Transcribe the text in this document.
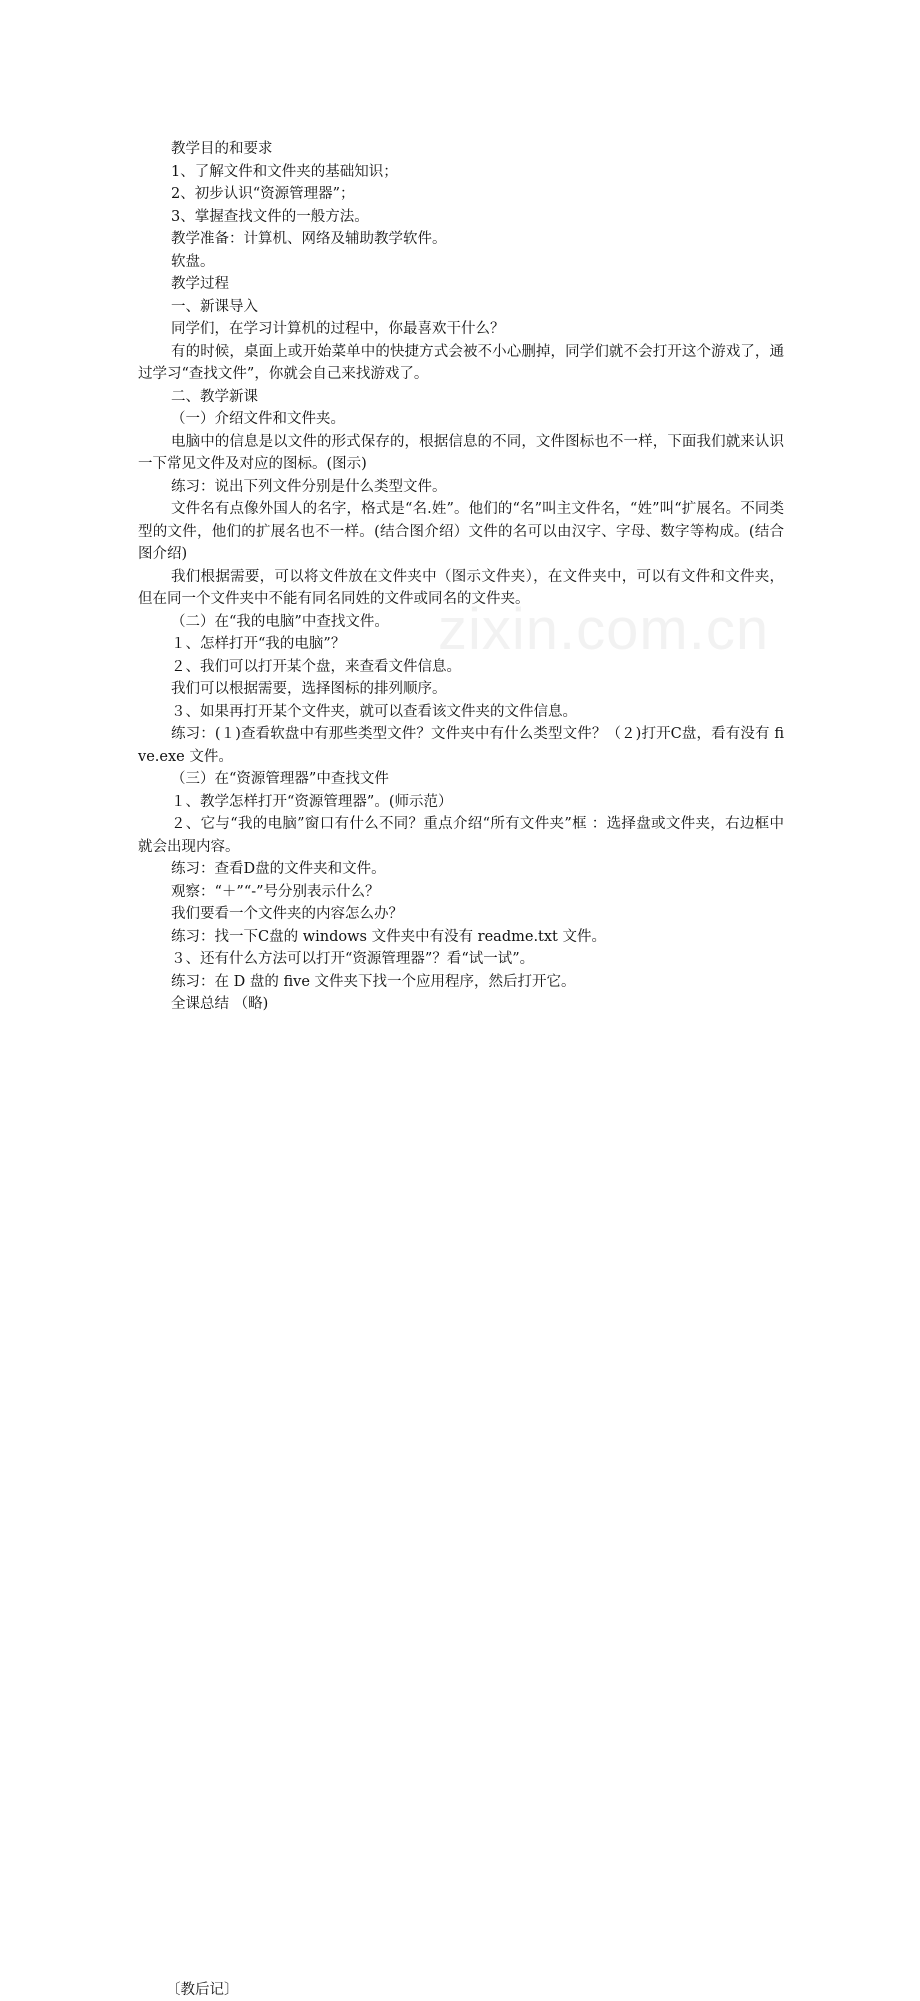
zixin.com.cn

教学目的和要求

1、了解文件和文件夹的基础知识；

2、初步认识“资源管理器”；

3、掌握查找文件的一般方法。

教学准备：计算机、网络及辅助教学软件。

软盘。

教学过程

一、新课导入

同学们，在学习计算机的过程中，你最喜欢干什么？

有的时候，桌面上或开始菜单中的快捷方式会被不小心删掉，同学们就不会打开这个游戏了，通过学习“查找文件”，你就会自己来找游戏了。

二、教学新课

（一）介绍文件和文件夹。

电脑中的信息是以文件的形式保存的，根据信息的不同，文件图标也不一样，下面我们就来认识一下常见文件及对应的图标。(图示)

练习：说出下列文件分别是什么类型文件。

文件名有点像外国人的名字，格式是“名.姓”。他们的“名”叫主文件名，“姓”叫“扩展名。不同类型的文件，他们的扩展名也不一样。(结合图介绍）文件的名可以由汉字、字母、数字等构成。(结合图介绍)

我们根据需要，可以将文件放在文件夹中（图示文件夹），在文件夹中，可以有文件和文件夹，但在同一个文件夹中不能有同名同姓的文件或同名的文件夹。

（二）在“我的电脑”中查找文件。

１、怎样打开“我的电脑”？

２、我们可以打开某个盘，来查看文件信息。

我们可以根据需要，选择图标的排列顺序。

３、如果再打开某个文件夹，就可以查看该文件夹的文件信息。

练习：(１)查看软盘中有那些类型文件？文件夹中有什么类型文件？（２)打开C盘，看有没有 five.exe 文件。

（三）在“资源管理器”中查找文件

１、教学怎样打开“资源管理器”。(师示范）

２、它与“我的电脑”窗口有什么不同？重点介绍“所有文件夹”框 ：选择盘或文件夹，右边框中就会出现内容。

练习：查看D盘的文件夹和文件。

观察：“＋”“-”号分别表示什么？

我们要看一个文件夹的内容怎么办？

练习：找一下C盘的 windows 文件夹中有没有 readme.txt 文件。

３、还有什么方法可以打开“资源管理器”？看“试一试”。

练习：在 D 盘的 five 文件夹下找一个应用程序，然后打开它。

全课总结 （略)

〔教后记〕
